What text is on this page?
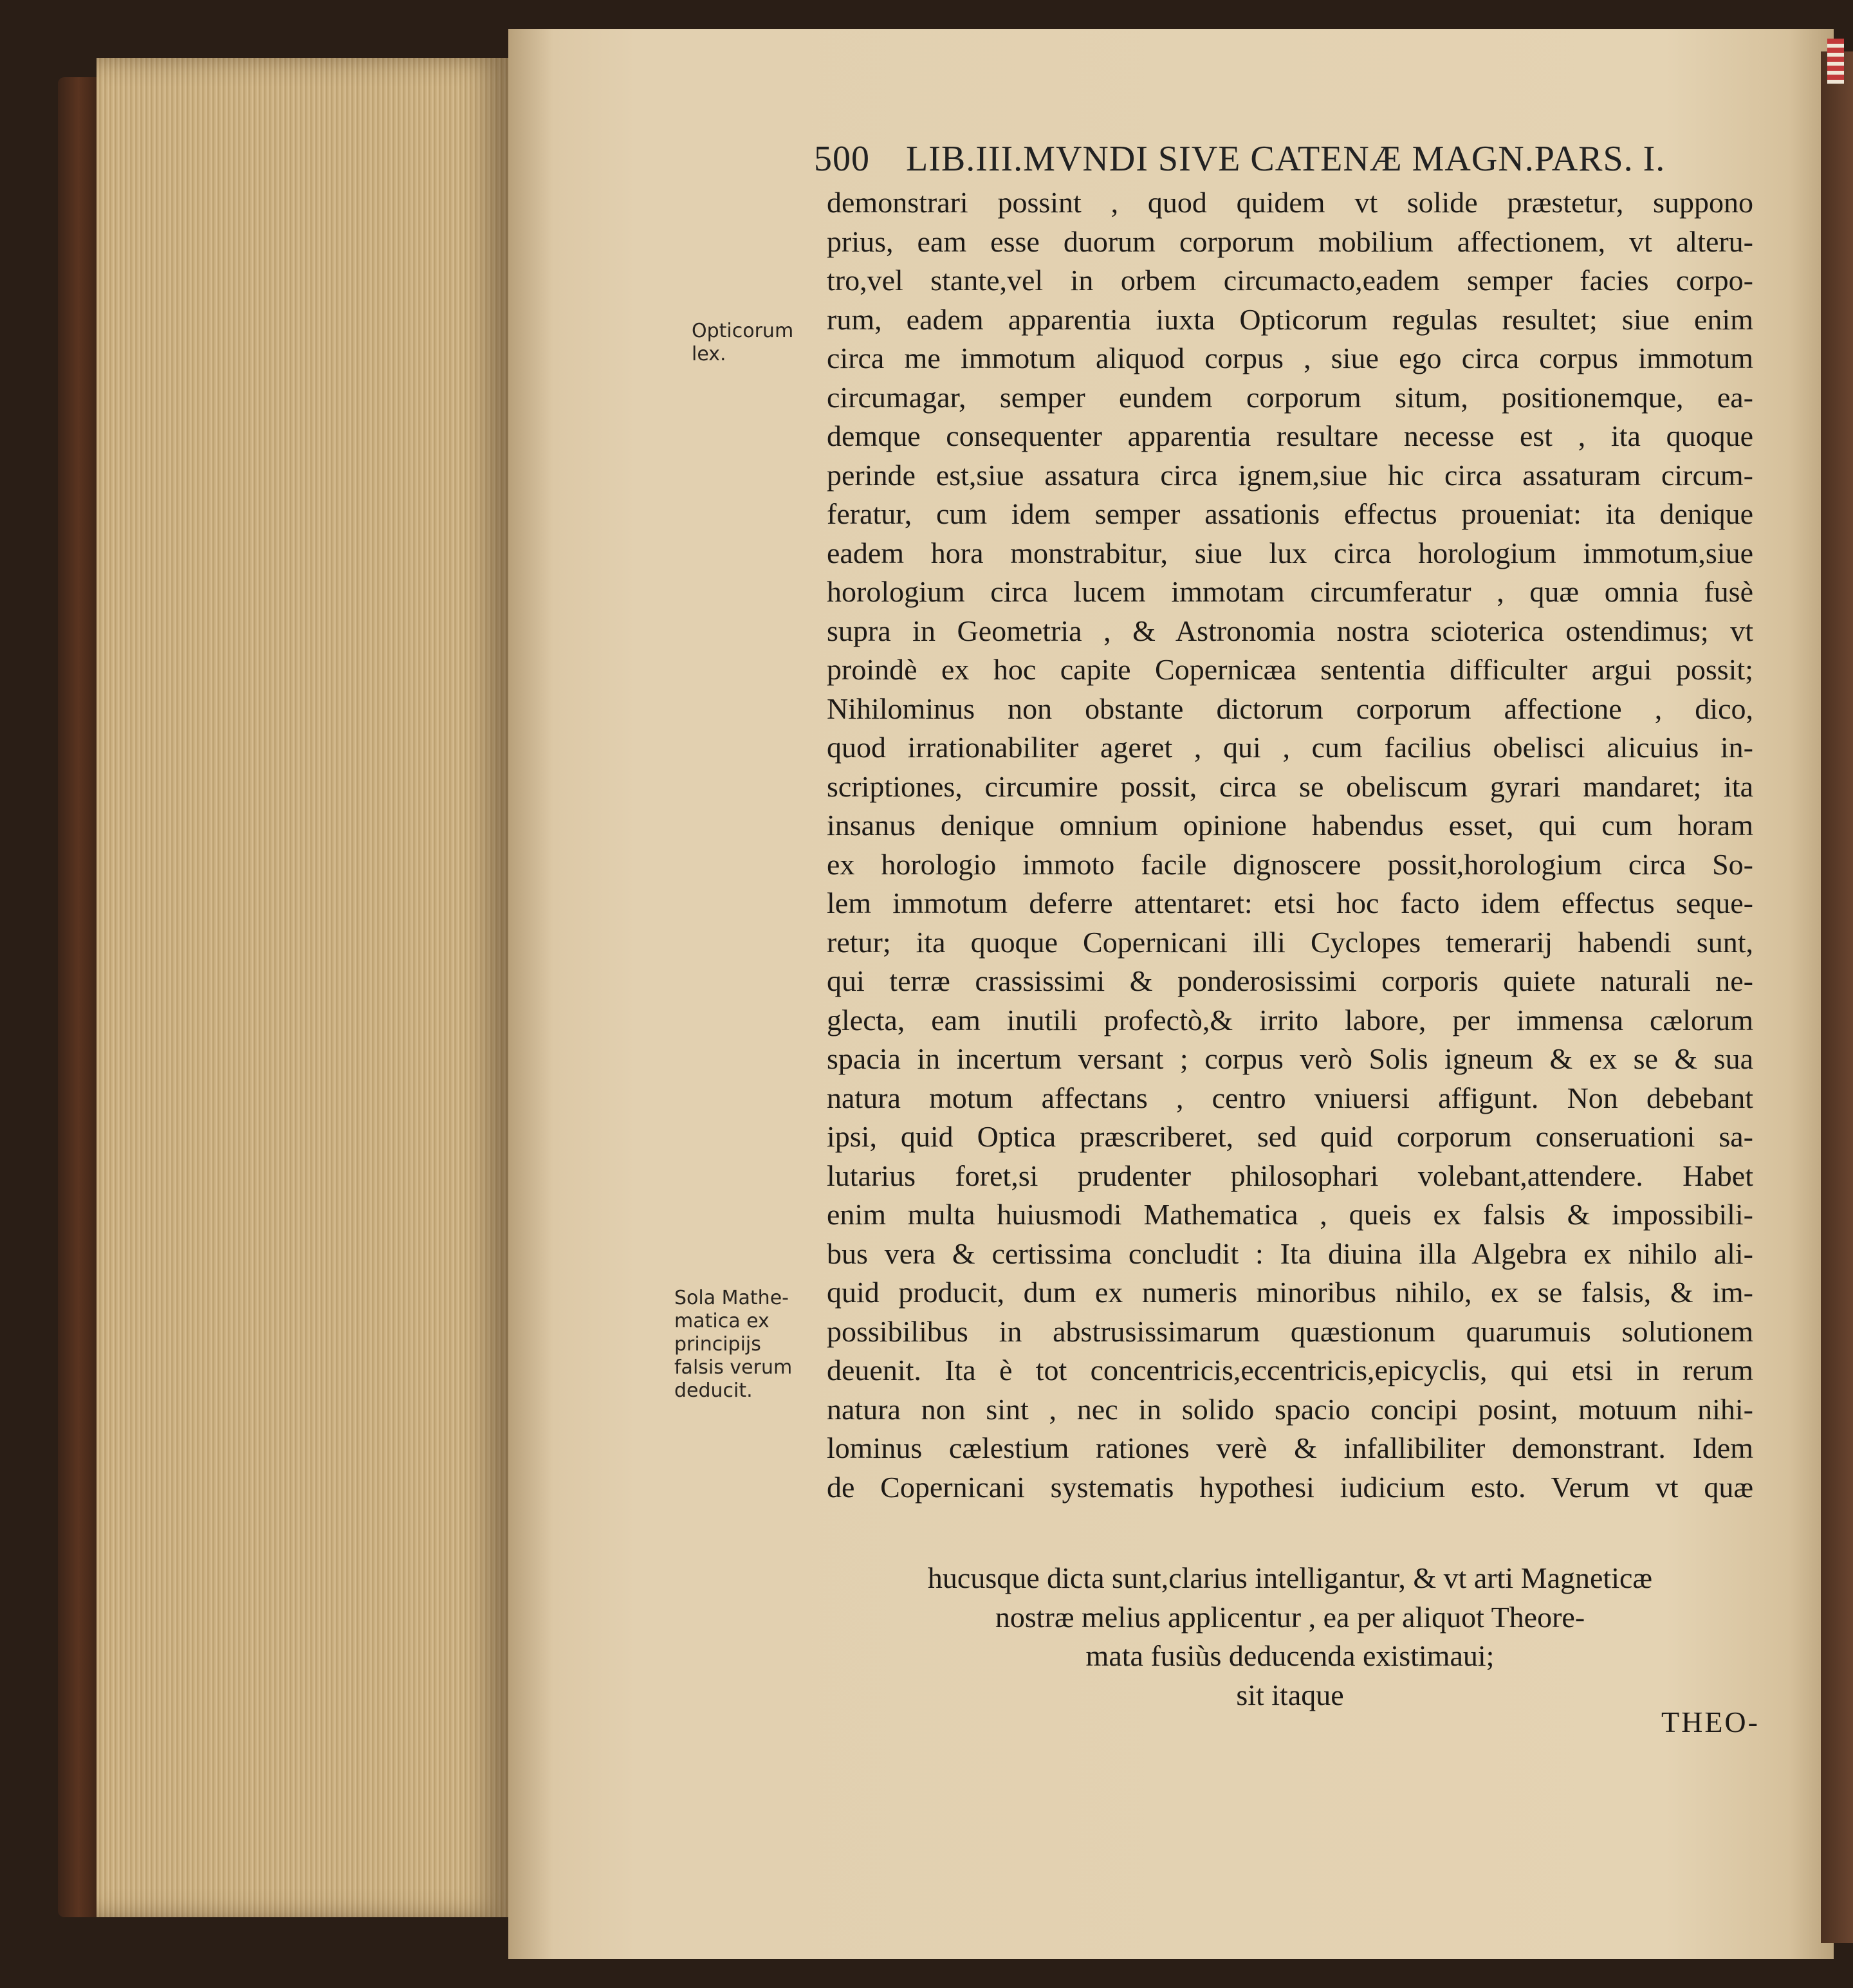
500 LIB.III.MVNDI SIVE CATENÆ MAGN.PARS. I.
Opticorum
lex.
Sola Mathe-
matica ex
principijs
falsis verum
deducit.
demonstrari possint , quod quidem vt solide præstetur, suppono
prius, eam esse duorum corporum mobilium affectionem, vt alteru-
tro,vel stante,vel in orbem circumacto,eadem semper facies corpo-
rum, eadem apparentia iuxta Opticorum regulas resultet; siue enim
circa me immotum aliquod corpus , siue ego circa corpus immotum
circumagar, semper eundem corporum situm, positionemque, ea-
demque consequenter apparentia resultare necesse est , ita quoque
perinde est,siue assatura circa ignem,siue hic circa assaturam circum-
feratur, cum idem semper assationis effectus proueniat: ita denique
eadem hora monstrabitur, siue lux circa horologium immotum,siue
horologium circa lucem immotam circumferatur , quæ omnia fusè
supra in Geometria , & Astronomia nostra scioterica ostendimus; vt
proindè ex hoc capite Copernicæa sententia difficulter argui possit;
Nihilominus non obstante dictorum corporum affectione , dico,
quod irrationabiliter ageret , qui , cum facilius obelisci alicuius in-
scriptiones, circumire possit, circa se obeliscum gyrari mandaret; ita
insanus denique omnium opinione habendus esset, qui cum horam
ex horologio immoto facile dignoscere possit,horologium circa So-
lem immotum deferre attentaret: etsi hoc facto idem effectus seque-
retur; ita quoque Copernicani illi Cyclopes temerarij habendi sunt,
qui terræ crassissimi & ponderosissimi corporis quiete naturali ne-
glecta, eam inutili profectò,& irrito labore, per immensa cælorum
spacia in incertum versant ; corpus verò Solis igneum & ex se & sua
natura motum affectans , centro vniuersi affigunt. Non debebant
ipsi, quid Optica præscriberet, sed quid corporum conseruationi sa-
lutarius foret,si prudenter philosophari volebant,attendere. Habet
enim multa huiusmodi Mathematica , queis ex falsis & impossibili-
bus vera & certissima concludit : Ita diuina illa Algebra ex nihilo ali-
quid producit, dum ex numeris minoribus nihilo, ex se falsis, & im-
possibilibus in abstrusissimarum quæstionum quarumuis solutionem
deuenit. Ita è tot concentricis,eccentricis,epicyclis, qui etsi in rerum
natura non sint , nec in solido spacio concipi posint, motuum nihi-
lominus cælestium rationes verè & infallibiliter demonstrant. Idem
de Copernicani systematis hypothesi iudicium esto. Verum vt quæ
hucusque dicta sunt,clarius intelligantur, & vt arti Magneticæ
nostræ melius applicentur , ea per aliquot Theore-
mata fusiùs deducenda existimaui;
sit itaque
THEO-
